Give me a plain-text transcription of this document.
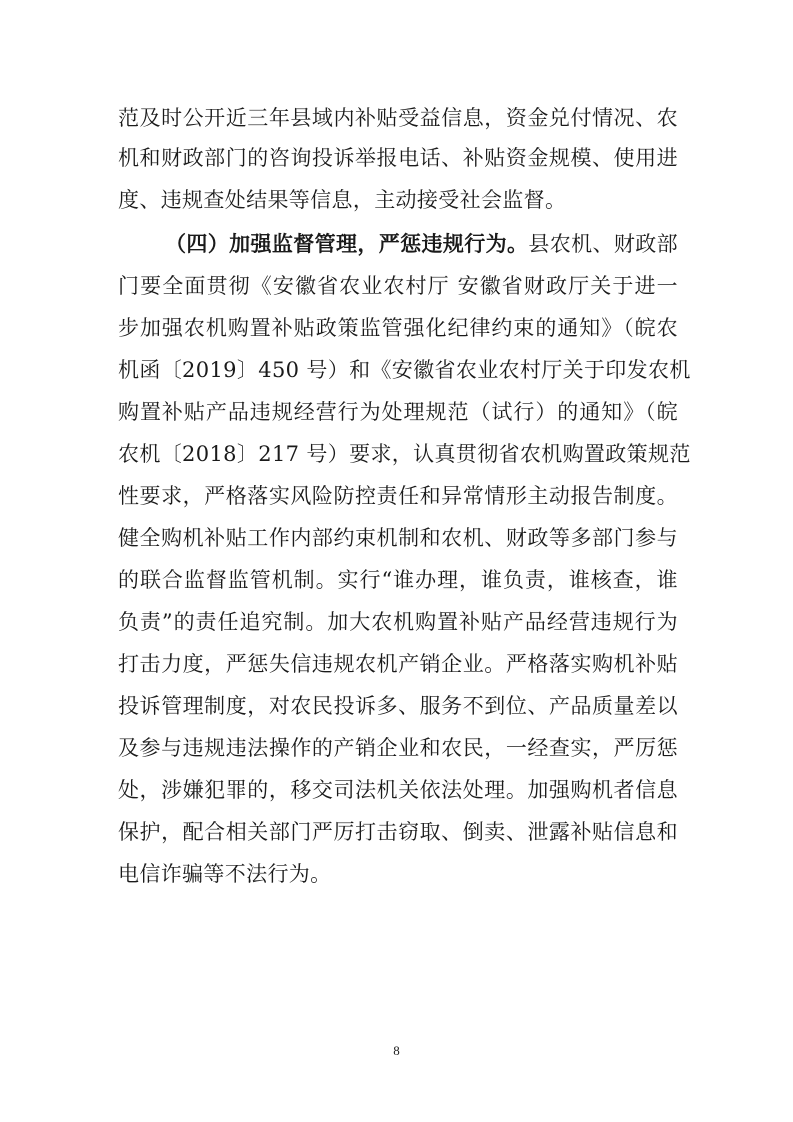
范及时公开近三年县域内补贴受益信息，资金兑付情况、农
机和财政部门的咨询投诉举报电话、补贴资金规模、使用进
度、违规查处结果等信息，主动接受社会监督。
（四）加强监督管理，严惩违规行为。县农机、财政部
门要全面贯彻《安徽省农业农村厅 安徽省财政厅关于进一
步加强农机购置补贴政策监管强化纪律约束的通知》（皖农
机函〔2019〕450 号）和《安徽省农业农村厅关于印发农机
购置补贴产品违规经营行为处理规范（试行）的通知》（皖
农机〔2018〕217 号）要求，认真贯彻省农机购置政策规范
性要求，严格落实风险防控责任和异常情形主动报告制度。
健全购机补贴工作内部约束机制和农机、财政等多部门参与
的联合监督监管机制。实行“谁办理，谁负责，谁核查，谁
负责”的责任追究制。加大农机购置补贴产品经营违规行为
打击力度，严惩失信违规农机产销企业。严格落实购机补贴
投诉管理制度，对农民投诉多、服务不到位、产品质量差以
及参与违规违法操作的产销企业和农民，一经查实，严厉惩
处，涉嫌犯罪的，移交司法机关依法处理。加强购机者信息
保护，配合相关部门严厉打击窃取、倒卖、泄露补贴信息和
电信诈骗等不法行为。
8
